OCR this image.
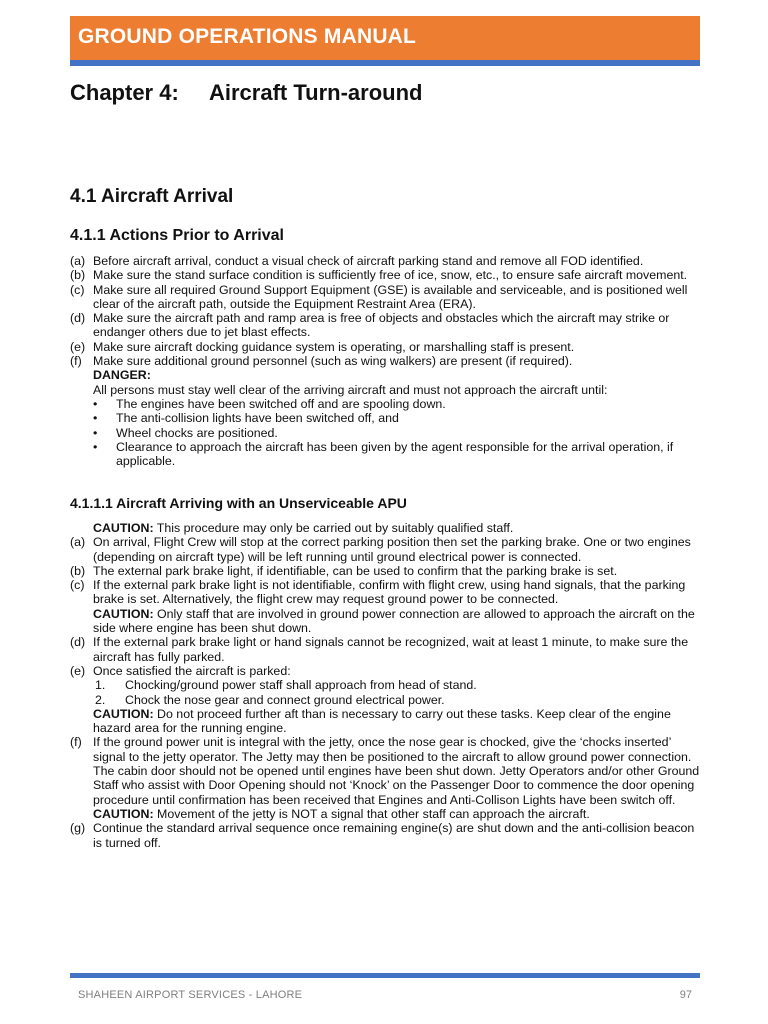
GROUND OPERATIONS MANUAL
Chapter 4: Aircraft Turn-around
4.1 Aircraft Arrival
4.1.1 Actions Prior to Arrival
(a) Before aircraft arrival, conduct a visual check of aircraft parking stand and remove all FOD identified.
(b) Make sure the stand surface condition is sufficiently free of ice, snow, etc., to ensure safe aircraft movement.
(c) Make sure all required Ground Support Equipment (GSE) is available and serviceable, and is positioned well clear of the aircraft path, outside the Equipment Restraint Area (ERA).
(d) Make sure the aircraft path and ramp area is free of objects and obstacles which the aircraft may strike or endanger others due to jet blast effects.
(e) Make sure aircraft docking guidance system is operating, or marshalling staff is present.
(f) Make sure additional ground personnel (such as wing walkers) are present (if required).
DANGER:
All persons must stay well clear of the arriving aircraft and must not approach the aircraft until:
•	The engines have been switched off and are spooling down.
•	The anti-collision lights have been switched off, and
•	Wheel chocks are positioned.
•	Clearance to approach the aircraft has been given by the agent responsible for the arrival operation, if applicable.
4.1.1.1 Aircraft Arriving with an Unserviceable APU
CAUTION: This procedure may only be carried out by suitably qualified staff.
(a) On arrival, Flight Crew will stop at the correct parking position then set the parking brake. One or two engines (depending on aircraft type) will be left running until ground electrical power is connected.
(b) The external park brake light, if identifiable, can be used to confirm that the parking brake is set.
(c) If the external park brake light is not identifiable, confirm with flight crew, using hand signals, that the parking brake is set. Alternatively, the flight crew may request ground power to be connected.
CAUTION: Only staff that are involved in ground power connection are allowed to approach the aircraft on the side where engine has been shut down.
(d) If the external park brake light or hand signals cannot be recognized, wait at least 1 minute, to make sure the aircraft has fully parked.
(e) Once satisfied the aircraft is parked:
1.	Chocking/ground power staff shall approach from head of stand.
2.	Chock the nose gear and connect ground electrical power.
CAUTION: Do not proceed further aft than is necessary to carry out these tasks. Keep clear of the engine hazard area for the running engine.
(f) If the ground power unit is integral with the jetty, once the nose gear is chocked, give the ‘chocks inserted’ signal to the jetty operator. The Jetty may then be positioned to the aircraft to allow ground power connection. The cabin door should not be opened until engines have been shut down. Jetty Operators and/or other Ground Staff who assist with Door Opening should not ‘Knock’ on the Passenger Door to commence the door opening procedure until confirmation has been received that Engines and Anti-Collison Lights have been switch off.
CAUTION: Movement of the jetty is NOT a signal that other staff can approach the aircraft.
(g) Continue the standard arrival sequence once remaining engine(s) are shut down and the anti-collision beacon is turned off.
SHAHEEN AIRPORT SERVICES - LAHORE	97
